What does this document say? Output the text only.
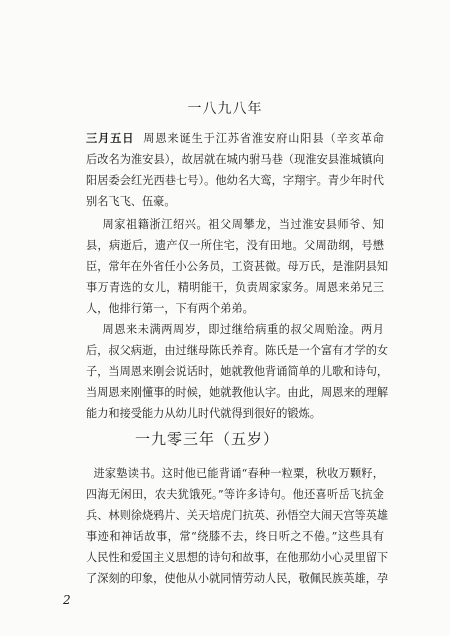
一八九八年

三月五日 周恩来诞生于江苏省淮安府山阳县（辛亥革命
后改名为淮安县），故居就在城内驸马巷（现淮安县淮城镇向
阳居委会红光西巷七号）。他幼名大鸾，字翔宇。青少年时代
别名飞飞、伍豪。

周家祖籍浙江绍兴。祖父周攀龙，当过淮安县师爷、知
县，病逝后，遗产仅一所住宅，没有田地。父周劭纲，号懋
臣，常年在外省任小公务员，工资甚微。母万氏，是淮阴县知
事万青选的女儿，精明能干，负责周家家务。周恩来弟兄三
人，他排行第一，下有两个弟弟。

周恩来未满两周岁，即过继给病重的叔父周贻淦。两月
后，叔父病逝，由过继母陈氏养育。陈氏是一个富有才学的女
子，当周恩来刚会说话时，她就教他背诵简单的儿歌和诗句，
当周恩来刚懂事的时候，她就教他认字。由此，周恩来的理解
能力和接受能力从幼儿时代就得到很好的锻炼。

一九零三年（五岁）

进家塾读书。这时他已能背诵“春种一粒粟，秋收万颗籽，
四海无闲田，农夫犹饿死。”等许多诗句。他还喜听岳飞抗金
兵、林则徐烧鸦片、关天培虎门抗英、孙悟空大闹天宫等英雄
事迹和神话故事，常“绕膝不去，终日听之不倦。”这些具有
人民性和爱国主义思想的诗句和故事，在他那幼小心灵里留下
了深刻的印象，使他从小就同情劳动人民，敬佩民族英雄，孕

2
